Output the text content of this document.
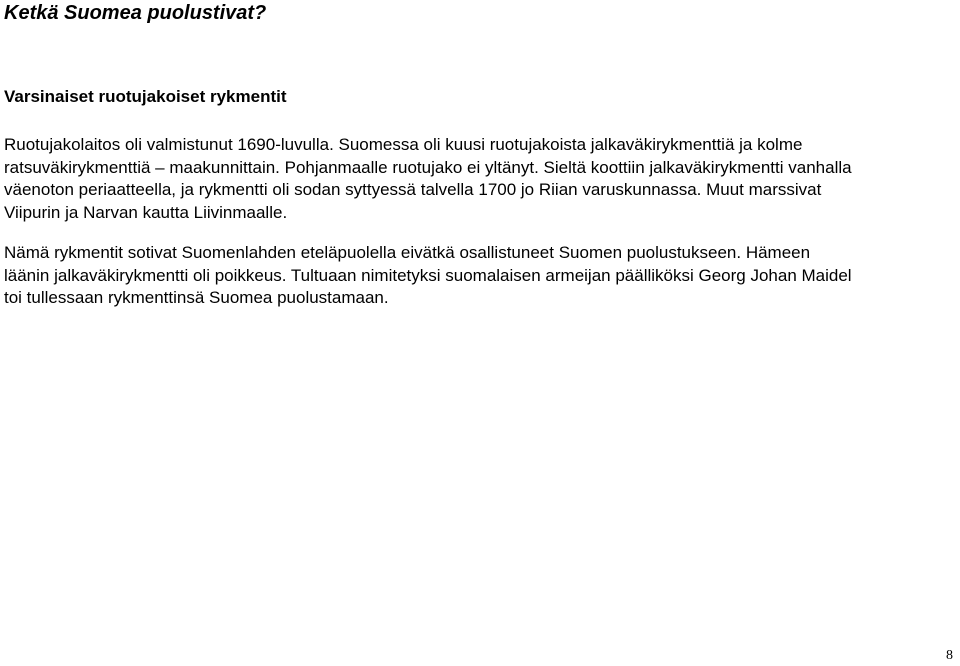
Ketkä Suomea puolustivat?
Varsinaiset ruotujakoiset rykmentit

Ruotujakolaitos oli valmistunut 1690-luvulla. Suomessa oli kuusi ruotujakoista jalkaväkirykmenttiä ja kolme
ratsuväkirykmenttiä – maakunnittain. Pohjanmaalle ruotujako ei yltänyt. Sieltä koottiin jalkaväkirykmentti vanhalla
väenoton periaatteella, ja rykmentti oli sodan syttyessä talvella 1700 jo Riian varuskunnassa. Muut marssivat
Viipurin ja Narvan kautta Liivinmaalle.

Nämä rykmentit sotivat Suomenlahden eteläpuolella eivätkä osallistuneet Suomen puolustukseen. Hämeen
läänin jalkaväkirykmentti oli poikkeus. Tultuaan nimitetyksi suomalaisen armeijan päälliköksi Georg Johan Maidel
toi tullessaan rykmenttinsä Suomea puolustamaan.

8
